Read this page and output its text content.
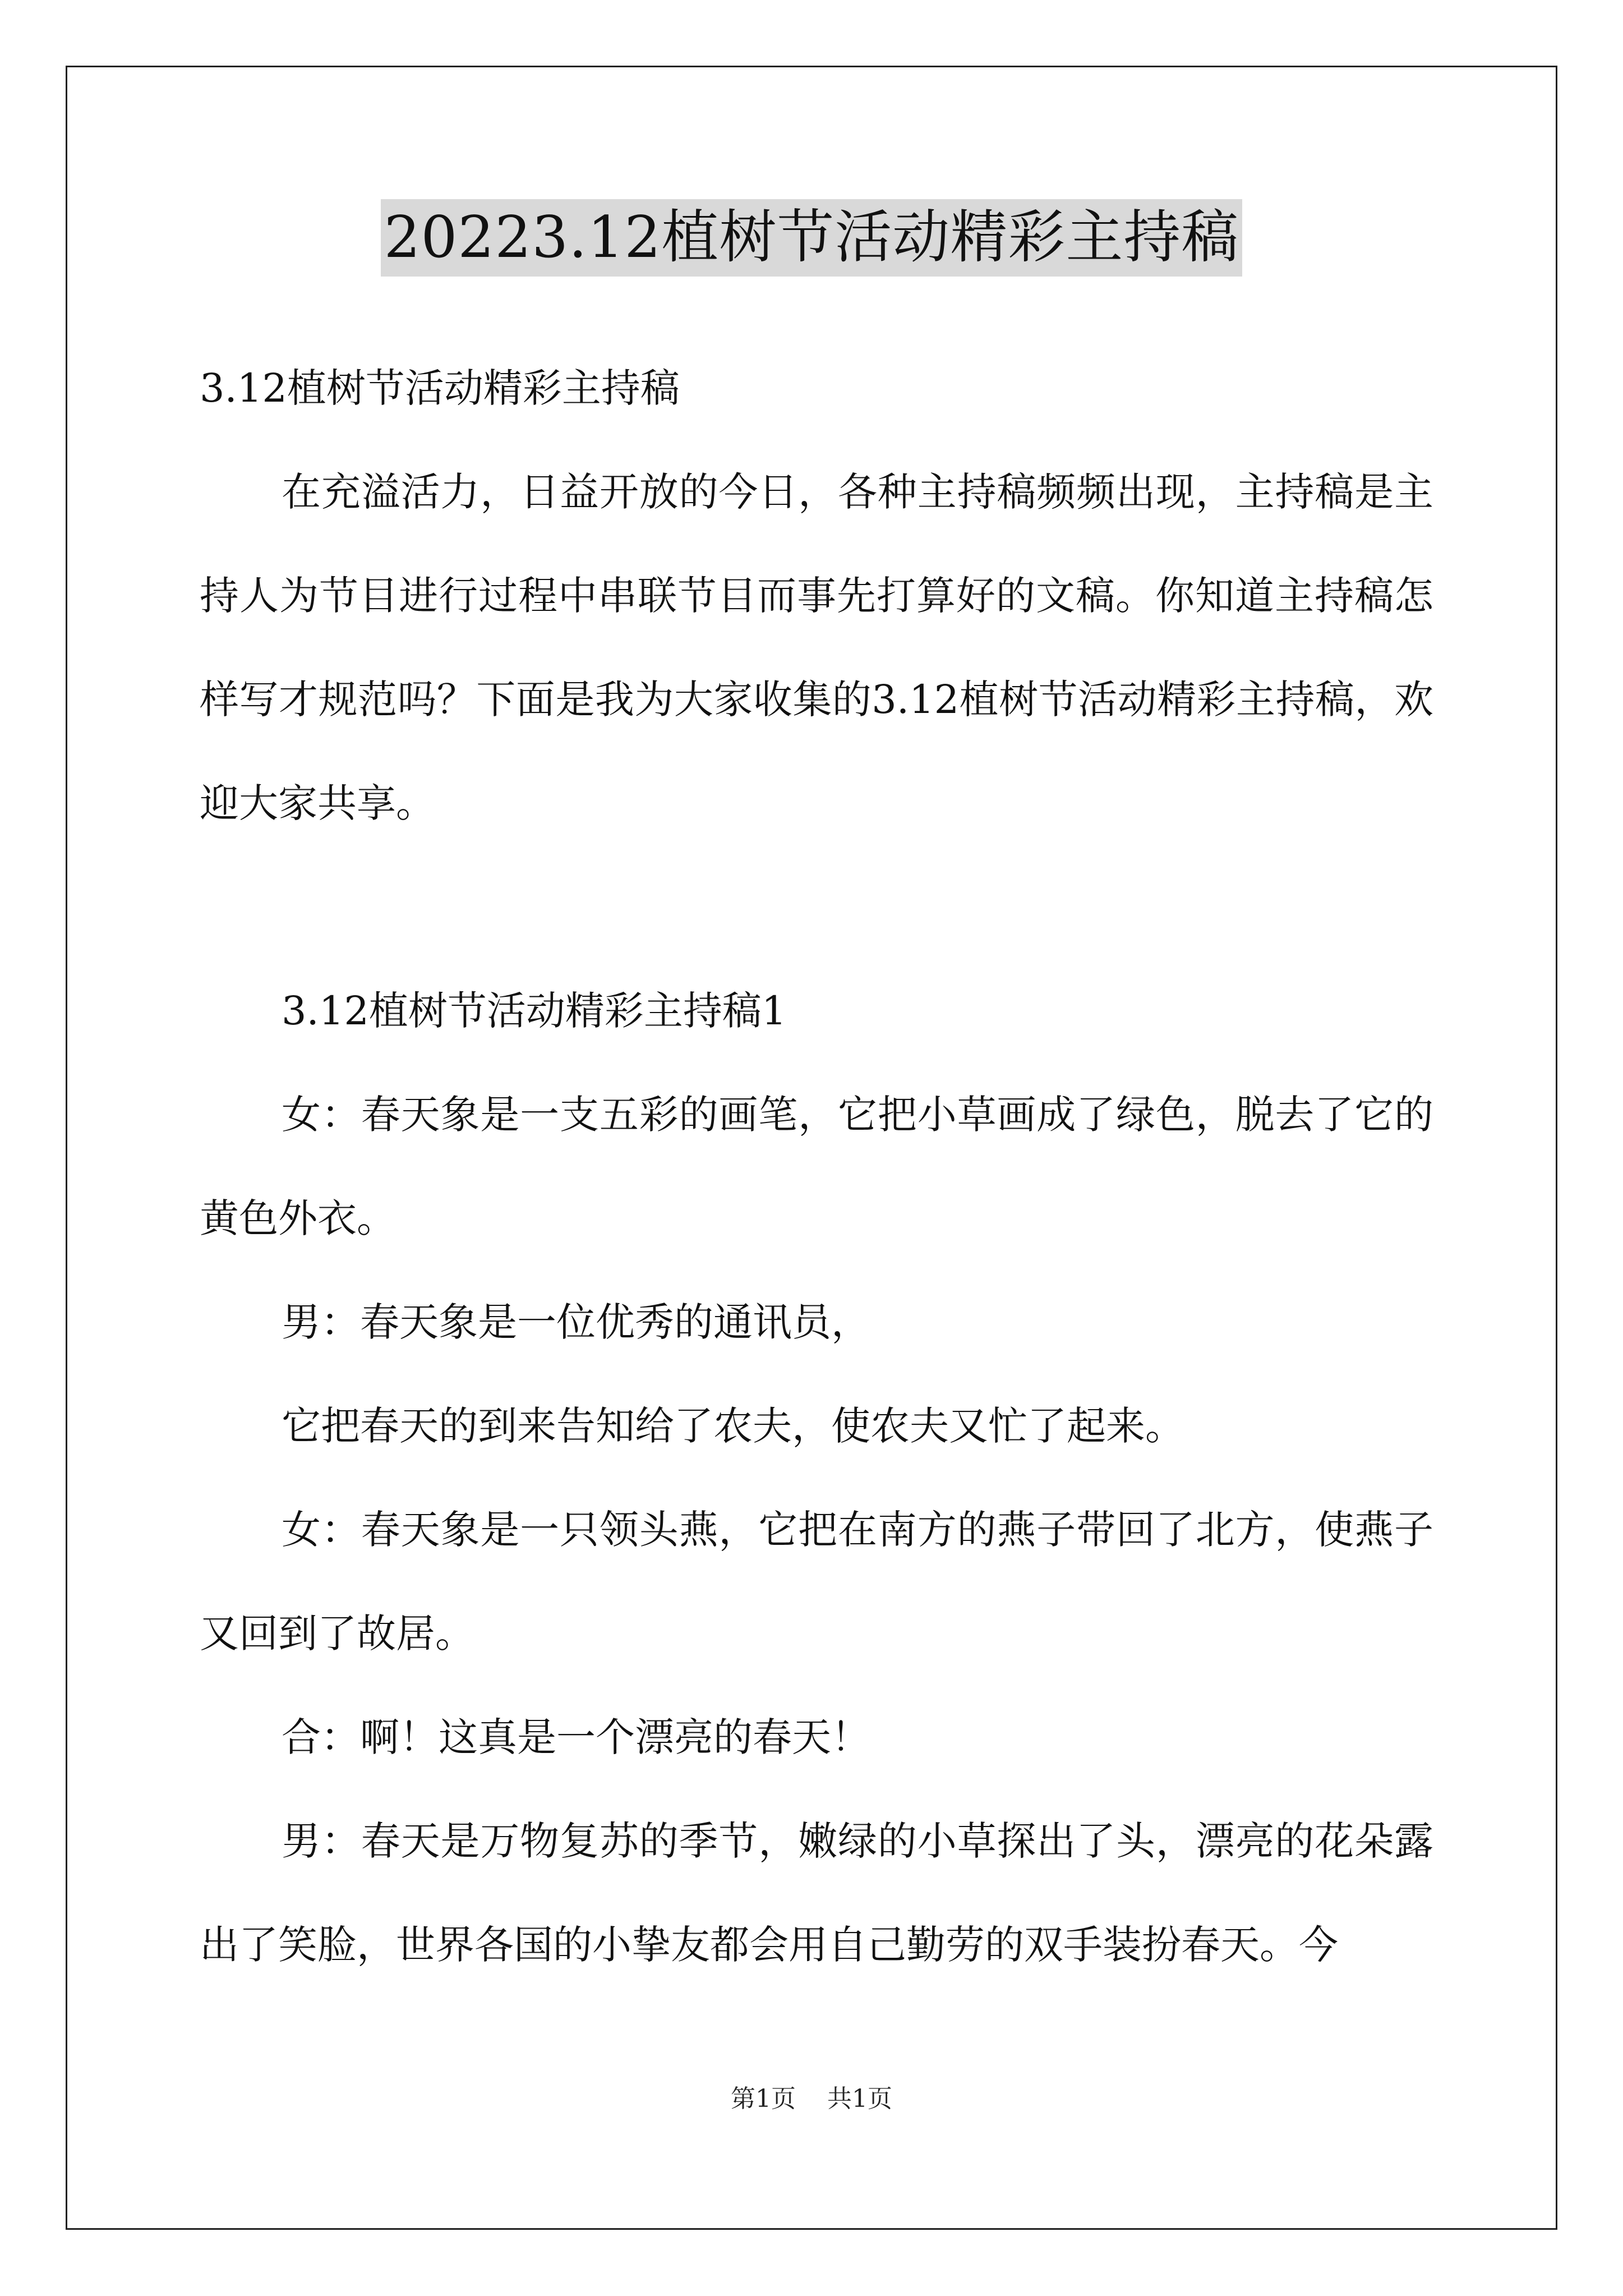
20223.12植树节活动精彩主持稿

3.12植树节活动精彩主持稿

在充溢活力，日益开放的今日，各种主持稿频频出现，主持稿是主持人为节目进行过程中串联节目而事先打算好的文稿。你知道主持稿怎样写才规范吗？下面是我为大家收集的3.12植树节活动精彩主持稿，欢迎大家共享。

3.12植树节活动精彩主持稿1

女：春天象是一支五彩的画笔，它把小草画成了绿色，脱去了它的黄色外衣。

男：春天象是一位优秀的通讯员，

它把春天的到来告知给了农夫，使农夫又忙了起来。

女：春天象是一只领头燕，它把在南方的燕子带回了北方，使燕子又回到了故居。

合：啊！这真是一个漂亮的春天！

男：春天是万物复苏的季节，嫩绿的小草探出了头，漂亮的花朵露出了笑脸，世界各国的小挚友都会用自己勤劳的双手装扮春天。今

第1页 共1页
